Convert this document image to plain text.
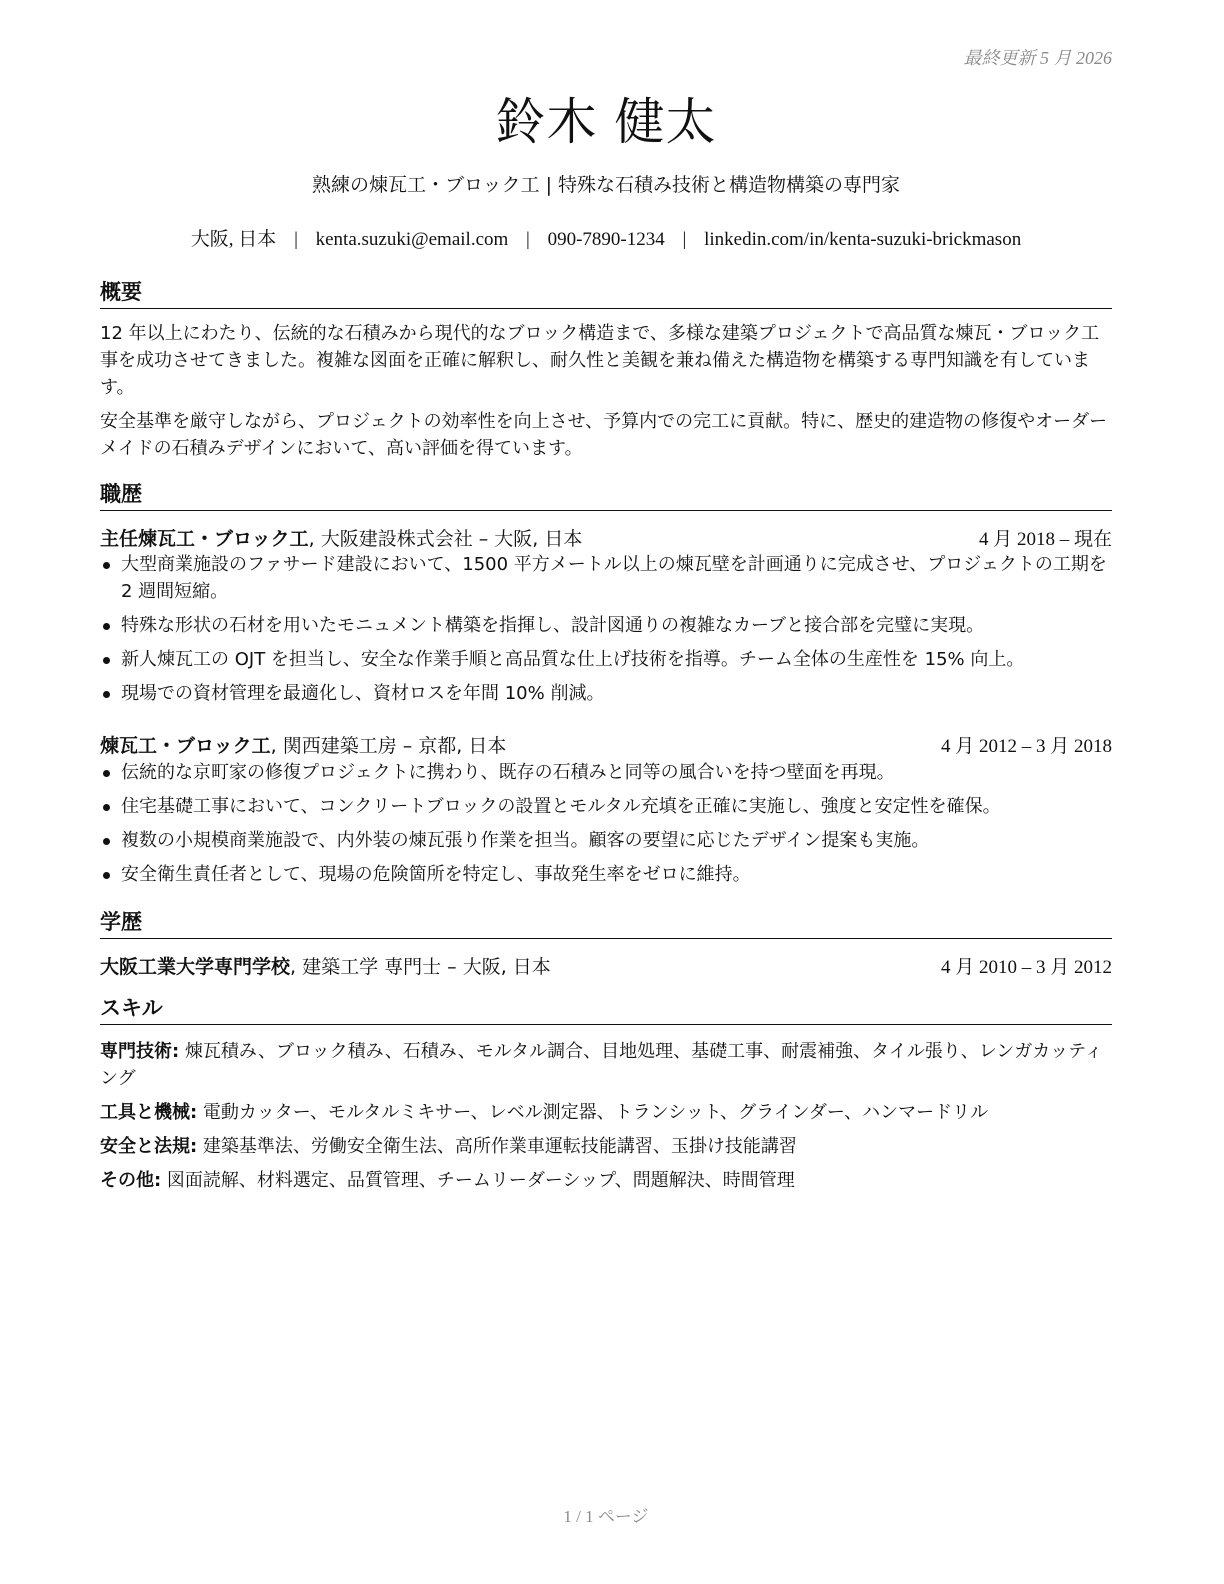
最終更新 5 月 2026
鈴木 健太
熟練の煉瓦工・ブロック工 | 特殊な石積み技術と構造物構築の専門家
大阪, 日本 | kenta.suzuki@email.com | 090-7890-1234 | linkedin.com/in/kenta-suzuki-brickmason
概要
12 年以上にわたり、伝統的な石積みから現代的なブロック構造まで、多様な建築プロジェクトで高品質な煉瓦・ブロック工事を成功させてきました。複雑な図面を正確に解釈し、耐久性と美観を兼ね備えた構造物を構築する専門知識を有しています。
安全基準を厳守しながら、プロジェクトの効率性を向上させ、予算内での完工に貢献。特に、歴史的建造物の修復やオーダーメイドの石積みデザインにおいて、高い評価を得ています。
職歴
主任煉瓦工・ブロック工, 大阪建設株式会社 – 大阪, 日本	4 月 2018 – 現在
大型商業施設のファサード建設において、1500 平方メートル以上の煉瓦壁を計画通りに完成させ、プロジェクトの工期を 2 週間短縮。
特殊な形状の石材を用いたモニュメント構築を指揮し、設計図通りの複雑なカーブと接合部を完璧に実現。
新人煉瓦工の OJT を担当し、安全な作業手順と高品質な仕上げ技術を指導。チーム全体の生産性を 15% 向上。
現場での資材管理を最適化し、資材ロスを年間 10% 削減。
煉瓦工・ブロック工, 関西建築工房 – 京都, 日本	4 月 2012 – 3 月 2018
伝統的な京町家の修復プロジェクトに携わり、既存の石積みと同等の風合いを持つ壁面を再現。
住宅基礎工事において、コンクリートブロックの設置とモルタル充填を正確に実施し、強度と安定性を確保。
複数の小規模商業施設で、内外装の煉瓦張り作業を担当。顧客の要望に応じたデザイン提案も実施。
安全衛生責任者として、現場の危険箇所を特定し、事故発生率をゼロに維持。
学歴
大阪工業大学専門学校, 建築工学 専門士 – 大阪, 日本	4 月 2010 – 3 月 2012
スキル
専門技術: 煉瓦積み、ブロック積み、石積み、モルタル調合、目地処理、基礎工事、耐震補強、タイル張り、レンガカッティング
工具と機械: 電動カッター、モルタルミキサー、レベル測定器、トランシット、グラインダー、ハンマードリル
安全と法規: 建築基準法、労働安全衛生法、高所作業車運転技能講習、玉掛け技能講習
その他: 図面読解、材料選定、品質管理、チームリーダーシップ、問題解決、時間管理
1 / 1 ページ
